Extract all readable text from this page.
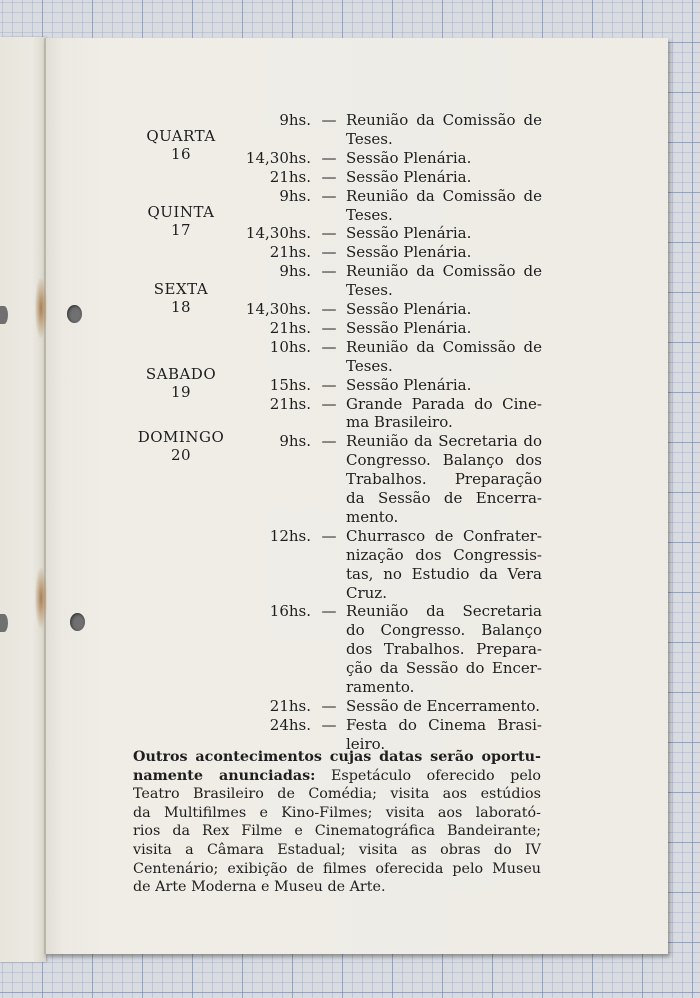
QUARTA
16
9hs. — Reunião da Comissão de
Teses.
14,30hs. — Sessão Plenária.
21hs. — Sessão Plenária.
QUINTA
17
9hs. — Reunião da Comissão de
Teses.
14,30hs. — Sessão Plenária.
21hs. — Sessão Plenária.
SEXTA
18
9hs. — Reunião da Comissão de
Teses.
14,30hs. — Sessão Plenária.
21hs. — Sessão Plenária.
SABADO
19
10hs. — Reunião da Comissão de
Teses.
15hs. — Sessão Plenária.
21hs. — Grande Parada do Cine-
ma Brasileiro.
DOMINGO
20
9hs. — Reunião da Secretaria do
Congresso. Balanço dos
Trabalhos. Preparação
da Sessão de Encerra-
mento.
12hs. — Churrasco de Confrater-
nização dos Congressis-
tas, no Estudio da Vera
Cruz.
16hs. — Reunião da Secretaria
do Congresso. Balanço
dos Trabalhos. Prepara-
ção da Sessão do Encer-
ramento.
21hs. — Sessão de Encerramento.
24hs. — Festa do Cinema Brasi-
leiro.
Outros acontecimentos cujas datas serão oportu-
namente anunciadas: Espetáculo oferecido pelo
Teatro Brasileiro de Comédia; visita aos estúdios
da Multifilmes e Kino-Filmes; visita aos laborató-
rios da Rex Filme e Cinematográfica Bandeirante;
visita a Câmara Estadual; visita as obras do IV
Centenário; exibição de filmes oferecida pelo Museu
de Arte Moderna e Museu de Arte.
